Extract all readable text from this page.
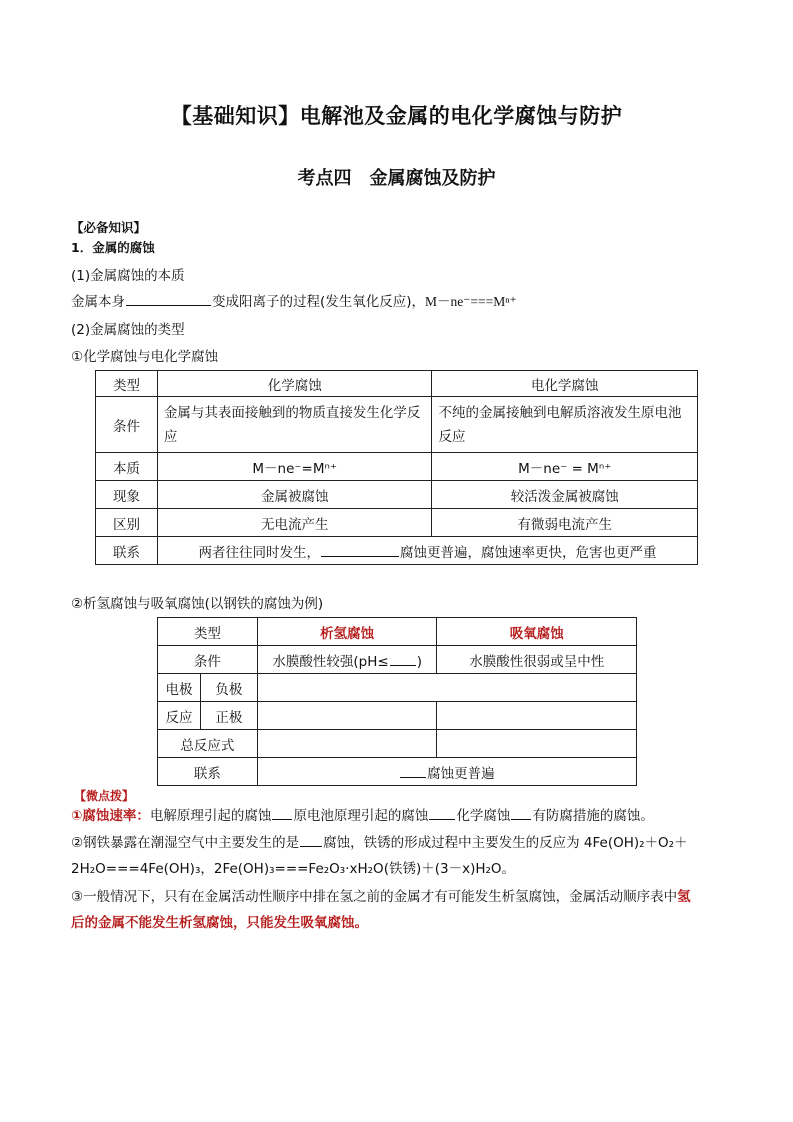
【基础知识】电解池及金属的电化学腐蚀与防护
考点四　金属腐蚀及防护
【必备知识】
1．金属的腐蚀
(1)金属腐蚀的本质
金属本身	变成阳离子的过程(发生氧化反应)，M－ne⁻===Mⁿ⁺
(2)金属腐蚀的类型
①化学腐蚀与电化学腐蚀
类型	化学腐蚀	电化学腐蚀
条件	金属与其表面接触到的物质直接发生化学反应	不纯的金属接触到电解质溶液发生原电池反应
本质	M－ne⁻=Mⁿ⁺	M－ne⁻ = Mⁿ⁺
现象	金属被腐蚀	较活泼金属被腐蚀
区别	无电流产生	有微弱电流产生
联系	两者往往同时发生， 腐蚀更普遍，腐蚀速率更快，危害也更严重	
②析氢腐蚀与吸氧腐蚀(以钢铁的腐蚀为例)
类型		析氢腐蚀	吸氧腐蚀
条件		水膜酸性较强(pH≤ )	水膜酸性很弱或呈中性
电极	负极		
反应	正极		
总反应式			
联系		腐蚀更普遍	
【微点拨】
①腐蚀速率：电解原理引起的腐蚀 原电池原理引起的腐蚀 化学腐蚀 有防腐措施的腐蚀。
②钢铁暴露在潮湿空气中主要发生的是 腐蚀，铁锈的形成过程中主要发生的反应为 4Fe(OH)₂＋O₂＋
2H₂O===4Fe(OH)₃，2Fe(OH)₃===Fe₂O₃·xH₂O(铁锈)＋(3－x)H₂O。
③一般情况下，只有在金属活动性顺序中排在氢之前的金属才有可能发生析氢腐蚀，金属活动顺序表中氢
后的金属不能发生析氢腐蚀，只能发生吸氧腐蚀。
